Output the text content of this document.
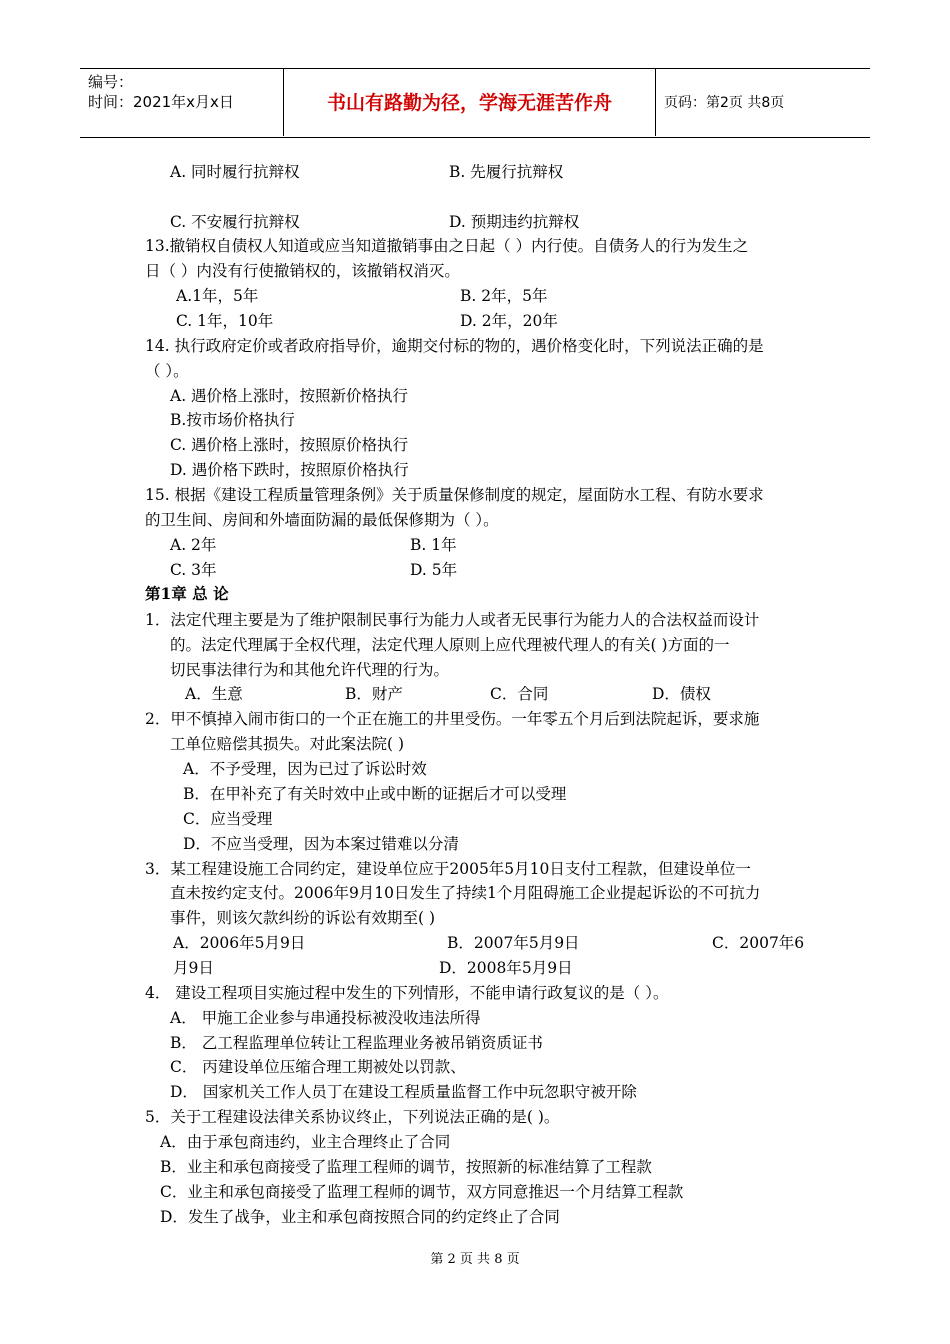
编号：
时间：2021年x月x日	书山有路勤为径，学海无涯苦作舟	页码：第2页 共8页
A. 同时履行抗辩权	B. 先履行抗辩权
C. 不安履行抗辩权	D. 预期违约抗辩权
13.撤销权自债权人知道或应当知道撤销事由之日起（ ）内行使。自债务人的行为发生之
日（ ）内没有行使撤销权的，该撤销权消灭。
A.1年，5年	B. 2年，5年
C. 1年，10年	D. 2年，20年
14. 执行政府定价或者政府指导价，逾期交付标的物的，遇价格变化时，下列说法正确的是
（ ）。
A. 遇价格上涨时，按照新价格执行
B.按市场价格执行
C. 遇价格上涨时，按照原价格执行
D. 遇价格下跌时，按照原价格执行
15. 根据《建设工程质量管理条例》关于质量保修制度的规定，屋面防水工程、有防水要求
的卫生间、房间和外墙面防漏的最低保修期为（ ）。
A. 2年	B. 1年
C. 3年	D. 5年
第1章 总 论
1．法定代理主要是为了维护限制民事行为能力人或者无民事行为能力人的合法权益而设计
的。法定代理属于全权代理，法定代理人原则上应代理被代理人的有关( )方面的一
切民事法律行为和其他允许代理的行为。
A．生意	B．财产	C．合同	D．债权
2．甲不慎掉入闹市街口的一个正在施工的井里受伤。一年零五个月后到法院起诉，要求施
工单位赔偿其损失。对此案法院( )
A．不予受理，因为已过了诉讼时效
B．在甲补充了有关时效中止或中断的证据后才可以受理
C．应当受理
D．不应当受理，因为本案过错难以分清
3．某工程建设施工合同约定，建设单位应于2005年5月10日支付工程款，但建设单位一
直未按约定支付。2006年9月10日发生了持续1个月阻碍施工企业提起诉讼的不可抗力
事件，则该欠款纠纷的诉讼有效期至( )
A．2006年5月9日	B．2007年5月9日	C．2007年6
月9日	D．2008年5月9日
4． 建设工程项目实施过程中发生的下列情形，不能申请行政复议的是（ ）。
A． 甲施工企业参与串通投标被没收违法所得
B． 乙工程监理单位转让工程监理业务被吊销资质证书
C． 丙建设单位压缩合理工期被处以罚款、
D． 国家机关工作人员丁在建设工程质量监督工作中玩忽职守被开除
5．关于工程建设法律关系协议终止，下列说法正确的是( )。
A．由于承包商违约，业主合理终止了合同
B．业主和承包商接受了监理工程师的调节，按照新的标准结算了工程款
C．业主和承包商接受了监理工程师的调节，双方同意推迟一个月结算工程款
D．发生了战争，业主和承包商按照合同的约定终止了合同
第 2 页 共 8 页
